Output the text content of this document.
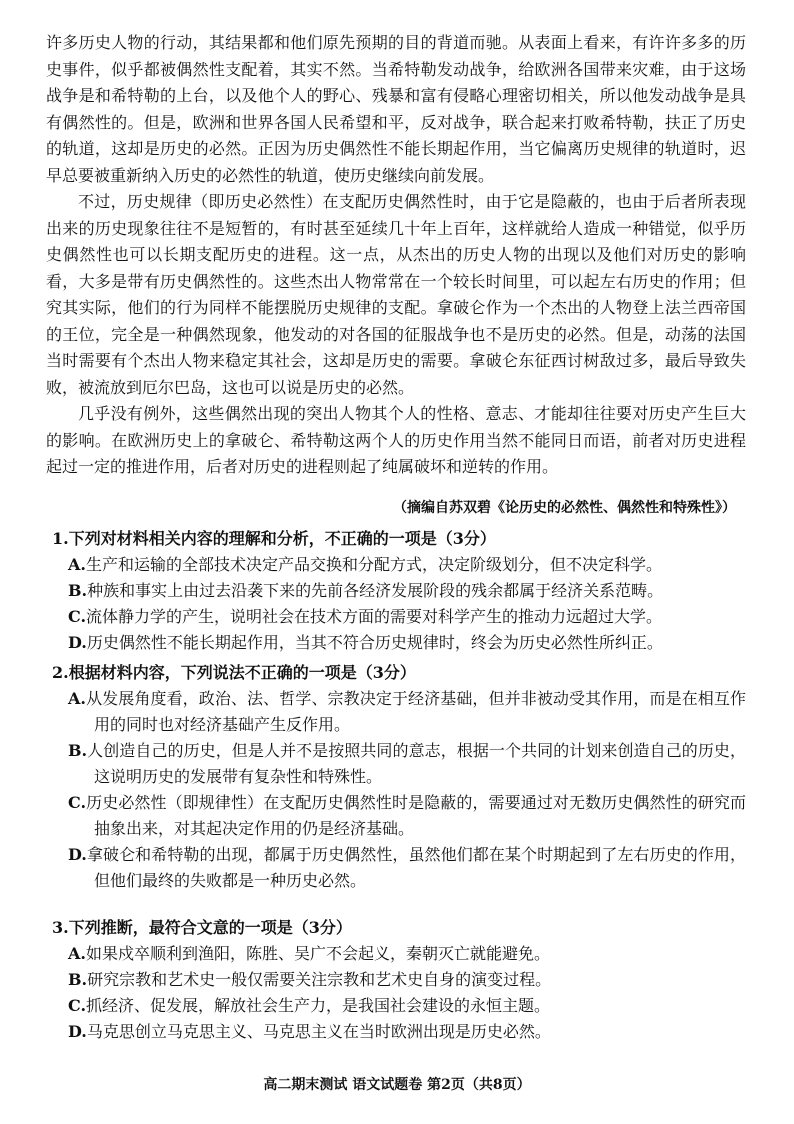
许多历史人物的行动，其结果都和他们原先预期的目的背道而驰。从表面上看来，有许许多多的历史事件，似乎都被偶然性支配着，其实不然。当希特勒发动战争，给欧洲各国带来灾难，由于这场战争是和希特勒的上台，以及他个人的野心、残暴和富有侵略心理密切相关，所以他发动战争是具有偶然性的。但是，欧洲和世界各国人民希望和平，反对战争，联合起来打败希特勒，扶正了历史的轨道，这却是历史的必然。正因为历史偶然性不能长期起作用，当它偏离历史规律的轨道时，迟早总要被重新纳入历史的必然性的轨道，使历史继续向前发展。

不过，历史规律（即历史必然性）在支配历史偶然性时，由于它是隐蔽的，也由于后者所表现出来的历史现象往往不是短暂的，有时甚至延续几十年上百年，这样就给人造成一种错觉，似乎历史偶然性也可以长期支配历史的进程。这一点，从杰出的历史人物的出现以及他们对历史的影响看，大多是带有历史偶然性的。这些杰出人物常常在一个较长时间里，可以起左右历史的作用；但究其实际，他们的行为同样不能摆脱历史规律的支配。拿破仑作为一个杰出的人物登上法兰西帝国的王位，完全是一种偶然现象，他发动的对各国的征服战争也不是历史的必然。但是，动荡的法国当时需要有个杰出人物来稳定其社会，这却是历史的需要。拿破仑东征西讨树敌过多，最后导致失败，被流放到厄尔巴岛，这也可以说是历史的必然。

几乎没有例外，这些偶然出现的突出人物其个人的性格、意志、才能却往往要对历史产生巨大的影响。在欧洲历史上的拿破仑、希特勒这两个人的历史作用当然不能同日而语，前者对历史进程起过一定的推进作用，后者对历史的进程则起了纯属破坏和逆转的作用。

（摘编自苏双碧《论历史的必然性、偶然性和特殊性》）

1.下列对材料相关内容的理解和分析，不正确的一项是（3分）

A.生产和运输的全部技术决定产品交换和分配方式，决定阶级划分，但不决定科学。

B.种族和事实上由过去沿袭下来的先前各经济发展阶段的残余都属于经济关系范畴。

C.流体静力学的产生，说明社会在技术方面的需要对科学产生的推动力远超过大学。

D.历史偶然性不能长期起作用，当其不符合历史规律时，终会为历史必然性所纠正。

2.根据材料内容，下列说法不正确的一项是（3分）

A.从发展角度看，政治、法、哲学、宗教决定于经济基础，但并非被动受其作用，而是在相互作用的同时也对经济基础产生反作用。

B.人创造自己的历史，但是人并不是按照共同的意志，根据一个共同的计划来创造自己的历史，这说明历史的发展带有复杂性和特殊性。

C.历史必然性（即规律性）在支配历史偶然性时是隐蔽的，需要通过对无数历史偶然性的研究而抽象出来，对其起决定作用的仍是经济基础。

D.拿破仑和希特勒的出现，都属于历史偶然性，虽然他们都在某个时期起到了左右历史的作用，但他们最终的失败都是一种历史必然。

3.下列推断，最符合文意的一项是（3分）

A.如果戍卒顺利到渔阳，陈胜、吴广不会起义，秦朝灭亡就能避免。

B.研究宗教和艺术史一般仅需要关注宗教和艺术史自身的演变过程。

C.抓经济、促发展，解放社会生产力，是我国社会建设的永恒主题。

D.马克思创立马克思主义、马克思主义在当时欧洲出现是历史必然。

高二期末测试 语文试题卷 第2页（共8页）
